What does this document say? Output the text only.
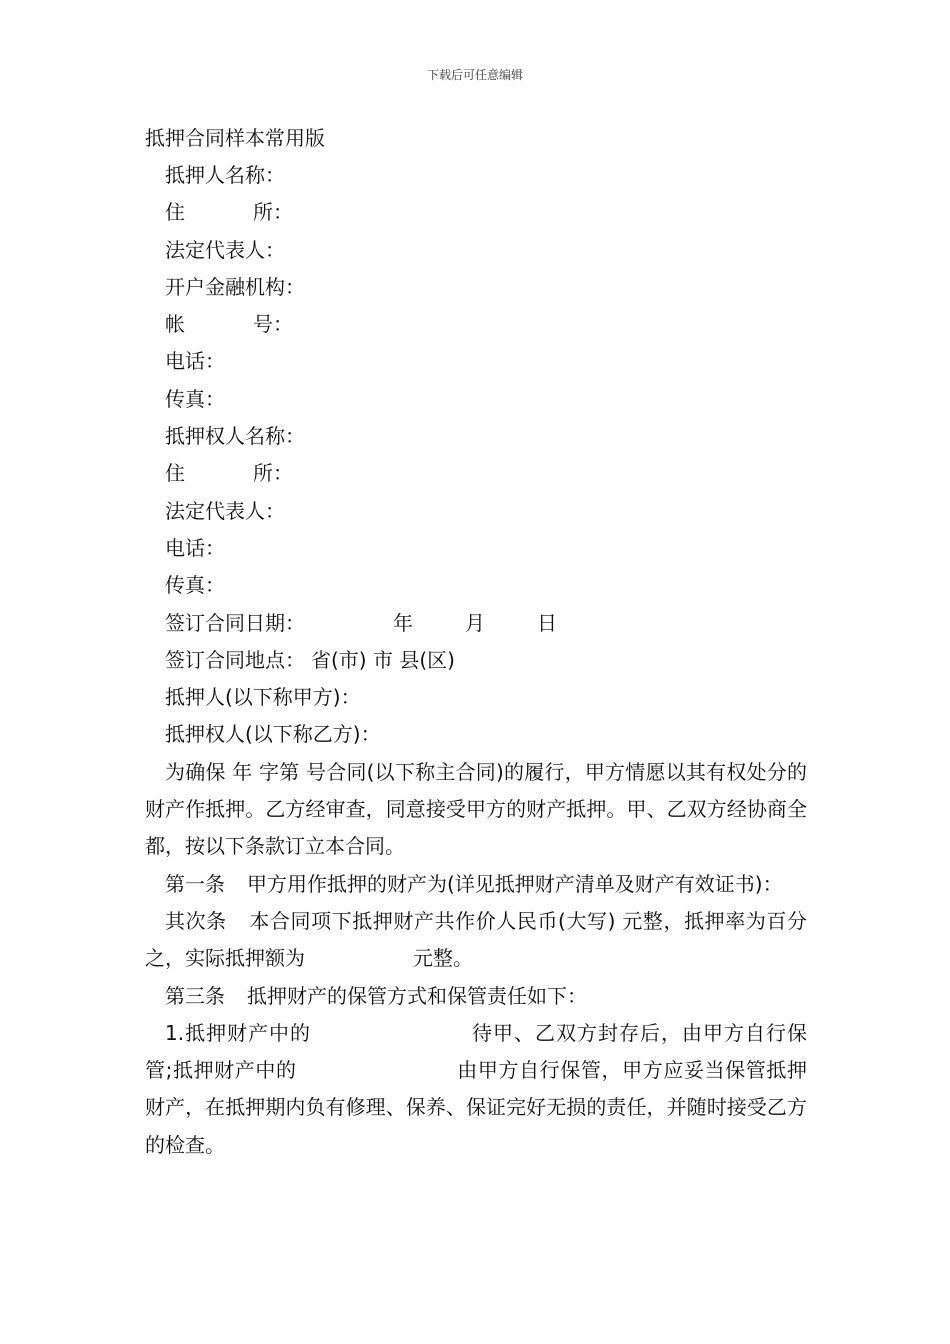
下载后可任意编辑
抵押合同样本常用版
抵押人名称：
住	所：
法定代表人：
开户金融机构：
帐	号：
电话：
传真：
抵押权人名称：
住	所：
法定代表人：
电话：
传真：
签订合同日期：	年	月	日
签订合同地点： 省(市) 市 县(区)
抵押人(以下称甲方)：
抵押权人(以下称乙方)：

为确保 年 字第 号合同(以下称主合同)的履行，甲方情愿以其有权处分的财产作抵押。乙方经审查，同意接受甲方的财产抵押。甲、乙双方经协商全都，按以下条款订立本合同。

第一条 甲方用作抵押的财产为(详见抵押财产清单及财产有效证书)：

其次条 本合同项下抵押财产共作价人民币(大写) 元整，抵押率为百分之，实际抵押额为	元整。

第三条 抵押财产的保管方式和保管责任如下：

1.抵押财产中的	待甲、乙双方封存后，由甲方自行保管;抵押财产中的	由甲方自行保管，甲方应妥当保管抵押财产，在抵押期内负有修理、保养、保证完好无损的责任，并随时接受乙方的检查。
